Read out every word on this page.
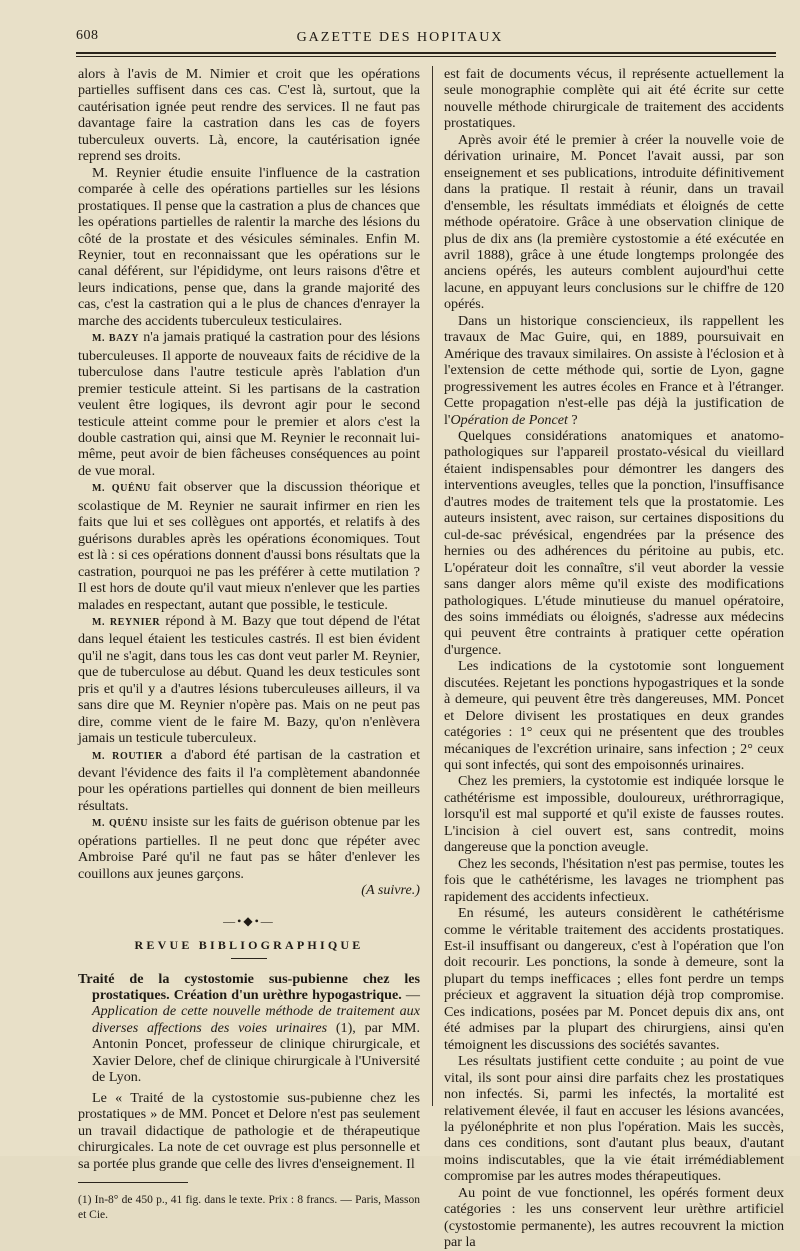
608	GAZETTE DES HOPITAUX

alors à l'avis de M. Nimier et croit que les opérations partielles suffisent dans ces cas. C'est là, surtout, que la cautérisation ignée peut rendre des services. Il ne faut pas davantage faire la castration dans les cas de foyers tuberculeux ouverts. Là, encore, la cautérisation ignée reprend ses droits.

M. Reynier étudie ensuite l'influence de la castration comparée à celle des opérations partielles sur les lésions prostatiques. Il pense que la castration a plus de chances que les opérations partielles de ralentir la marche des lésions du côté de la prostate et des vésicules séminales. Enfin M. Reynier, tout en reconnaissant que les opérations sur le canal déférent, sur l'épididyme, ont leurs raisons d'être et leurs indications, pense que, dans la grande majorité des cas, c'est la castration qui a le plus de chances d'enrayer la marche des accidents tuberculeux testiculaires.

M. BAZY n'a jamais pratiqué la castration pour des lésions tuberculeuses. Il apporte de nouveaux faits de récidive de la tuberculose dans l'autre testicule après l'ablation d'un premier testicule atteint. Si les partisans de la castration veulent être logiques, ils devront agir pour le second testicule atteint comme pour le premier et alors c'est la double castration qui, ainsi que M. Reynier le reconnait lui-même, peut avoir de bien fâcheuses conséquences au point de vue moral.

M. QUÉNU fait observer que la discussion théorique et scolastique de M. Reynier ne saurait infirmer en rien les faits que lui et ses collègues ont apportés, et relatifs à des guérisons durables après les opérations économiques. Tout est là : si ces opérations donnent d'aussi bons résultats que la castration, pourquoi ne pas les préférer à cette mutilation ? Il est hors de doute qu'il vaut mieux n'enlever que les parties malades en respectant, autant que possible, le testicule.

M. REYNIER répond à M. Bazy que tout dépend de l'état dans lequel étaient les testicules castrés. Il est bien évident qu'il ne s'agit, dans tous les cas dont veut parler M. Reynier, que de tuberculose au début. Quand les deux testicules sont pris et qu'il y a d'autres lésions tuberculeuses ailleurs, il va sans dire que M. Reynier n'opère pas. Mais on ne peut pas dire, comme vient de le faire M. Bazy, qu'on n'enlèvera jamais un testicule tuberculeux.

M. ROUTIER a d'abord été partisan de la castration et devant l'évidence des faits il l'a complètement abandonnée pour les opérations partielles qui donnent de bien meilleurs résultats.

M. QUÉNU insiste sur les faits de guérison obtenue par les opérations partielles. Il ne peut donc que répéter avec Ambroise Paré qu'il ne faut pas se hâter d'enlever les couillons aux jeunes garçons.

(A suivre.)
—•◆•—
REVUE BIBLIOGRAPHIQUE
Traité de la cystostomie sus-pubienne chez les prostatiques. Création d'un urèthre hypogastrique. — Application de cette nouvelle méthode de traitement aux diverses affections des voies urinaires (1), par MM. Antonin Poncet, professeur de clinique chirurgicale, et Xavier Delore, chef de clinique chirurgicale à l'Université de Lyon.

Le « Traité de la cystostomie sus-pubienne chez les prostatiques » de MM. Poncet et Delore n'est pas seulement un travail didactique de pathologie et de thérapeutique chirurgicales. La note de cet ouvrage est plus personnelle et sa portée plus grande que celle des livres d'enseignement. Il

(1) In-8° de 450 p., 41 fig. dans le texte. Prix : 8 francs. — Paris, Masson et Cie.

est fait de documents vécus, il représente actuellement la seule monographie complète qui ait été écrite sur cette nouvelle méthode chirurgicale de traitement des accidents prostatiques.

Après avoir été le premier à créer la nouvelle voie de dérivation urinaire, M. Poncet l'avait aussi, par son enseignement et ses publications, introduite définitivement dans la pratique. Il restait à réunir, dans un travail d'ensemble, les résultats immédiats et éloignés de cette méthode opératoire. Grâce à une observation clinique de plus de dix ans (la première cystostomie a été exécutée en avril 1888), grâce à une étude longtemps prolongée des anciens opérés, les auteurs comblent aujourd'hui cette lacune, en appuyant leurs conclusions sur le chiffre de 120 opérés.

Dans un historique consciencieux, ils rappellent les travaux de Mac Guire, qui, en 1889, poursuivait en Amérique des travaux similaires. On assiste à l'éclosion et à l'extension de cette méthode qui, sortie de Lyon, gagne progressivement les autres écoles en France et à l'étranger. Cette propagation n'est-elle pas déjà la justification de l'Opération de Poncet ?

Quelques considérations anatomiques et anatomo-pathologiques sur l'appareil prostato-vésical du vieillard étaient indispensables pour démontrer les dangers des interventions aveugles, telles que la ponction, l'insuffisance d'autres modes de traitement tels que la prostatomie. Les auteurs insistent, avec raison, sur certaines dispositions du cul-de-sac prévésical, engendrées par la présence des hernies ou des adhérences du péritoine au pubis, etc. L'opérateur doit les connaître, s'il veut aborder la vessie sans danger alors même qu'il existe des modifications pathologiques. L'étude minutieuse du manuel opératoire, des soins immédiats ou éloignés, s'adresse aux médecins qui peuvent être contraints à pratiquer cette opération d'urgence.

Les indications de la cystotomie sont longuement discutées. Rejetant les ponctions hypogastriques et la sonde à demeure, qui peuvent être très dangereuses, MM. Poncet et Delore divisent les prostatiques en deux grandes catégories : 1° ceux qui ne présentent que des troubles mécaniques de l'excrétion urinaire, sans infection ; 2° ceux qui sont infectés, qui sont des empoisonnés urinaires.

Chez les premiers, la cystotomie est indiquée lorsque le cathétérisme est impossible, douloureux, uréthrorragique, lorsqu'il est mal supporté et qu'il existe de fausses routes. L'incision à ciel ouvert est, sans contredit, moins dangereuse que la ponction aveugle.

Chez les seconds, l'hésitation n'est pas permise, toutes les fois que le cathétérisme, les lavages ne triomphent pas rapidement des accidents infectieux.

En résumé, les auteurs considèrent le cathétérisme comme le véritable traitement des accidents prostatiques. Est-il insuffisant ou dangereux, c'est à l'opération que l'on doit recourir. Les ponctions, la sonde à demeure, sont la plupart du temps inefficaces ; elles font perdre un temps précieux et aggravent la situation déjà trop compromise. Ces indications, posées par M. Poncet depuis dix ans, ont été admises par la plupart des chirurgiens, ainsi qu'en témoignent les discussions des sociétés savantes.

Les résultats justifient cette conduite ; au point de vue vital, ils sont pour ainsi dire parfaits chez les prostatiques non infectés. Si, parmi les infectés, la mortalité est relativement élevée, il faut en accuser les lésions avancées, la pyélonéphrite et non plus l'opération. Mais les succès, dans ces conditions, sont d'autant plus beaux, d'autant moins indiscutables, que la vie était irrémédiablement compromise par les autres modes thérapeutiques.

Au point de vue fonctionnel, les opérés forment deux catégories : les uns conservent leur urèthre artificiel (cystostomie permanente), les autres recouvrent la miction par la
